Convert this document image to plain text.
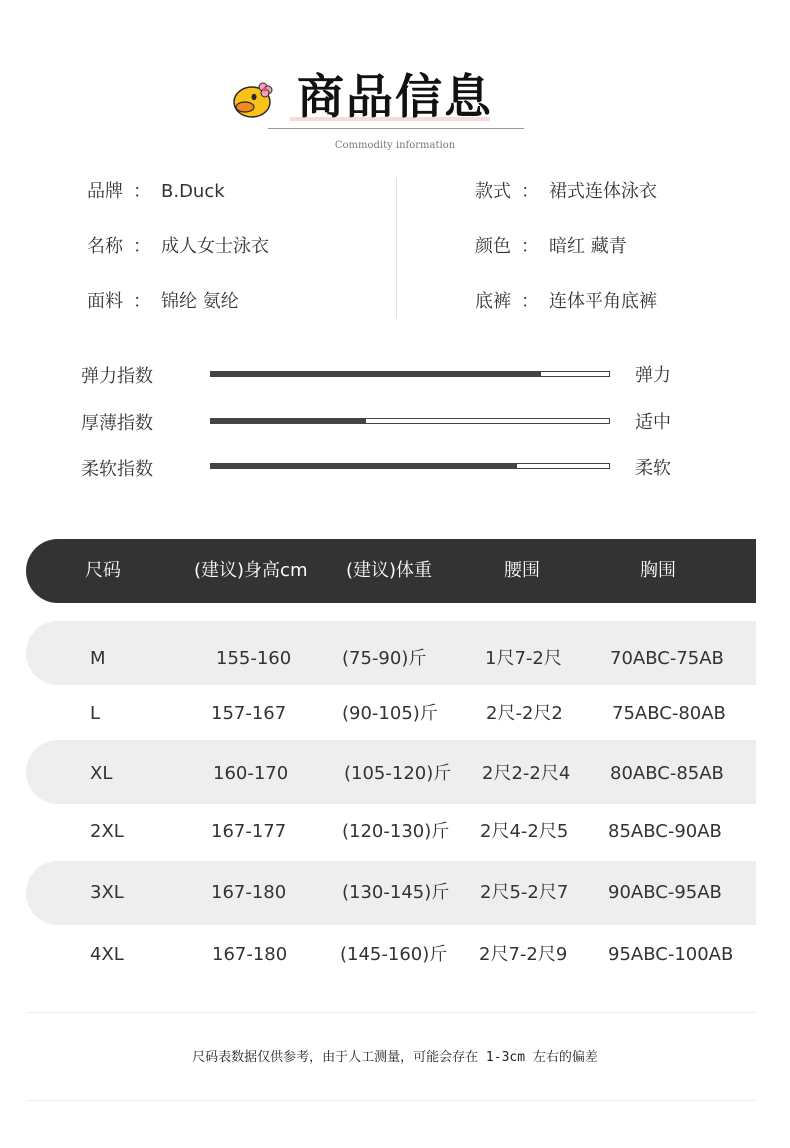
商品信息
Commodity information
品牌 ： B.Duck
名称 ： 成人女士泳衣
面料 ： 锦纶 氨纶
款式 ： 裙式连体泳衣
颜色 ： 暗红 藏青
底裤 ： 连体平角底裤
弹力指数	弹力
厚薄指数	适中
柔软指数	柔软
尺码	(建议)身高cm (建议)体重	腰围	胸围
M	155-160	(75-90)斤	1尺7-2尺	70ABC-75AB
L	157-167	(90-105)斤	2尺-2尺2	75ABC-80AB
XL	160-170	(105-120)斤 2尺2-2尺4 80ABC-85AB
2XL	167-177	(120-130)斤 2尺4-2尺5 85ABC-90AB
3XL	167-180	(130-145)斤 2尺5-2尺7 90ABC-95AB
4XL	167-180	(145-160)斤 2尺7-2尺9 95ABC-100AB
尺码表数据仅供参考，由于人工测量，可能会存在 1-3cm 左右的偏差
